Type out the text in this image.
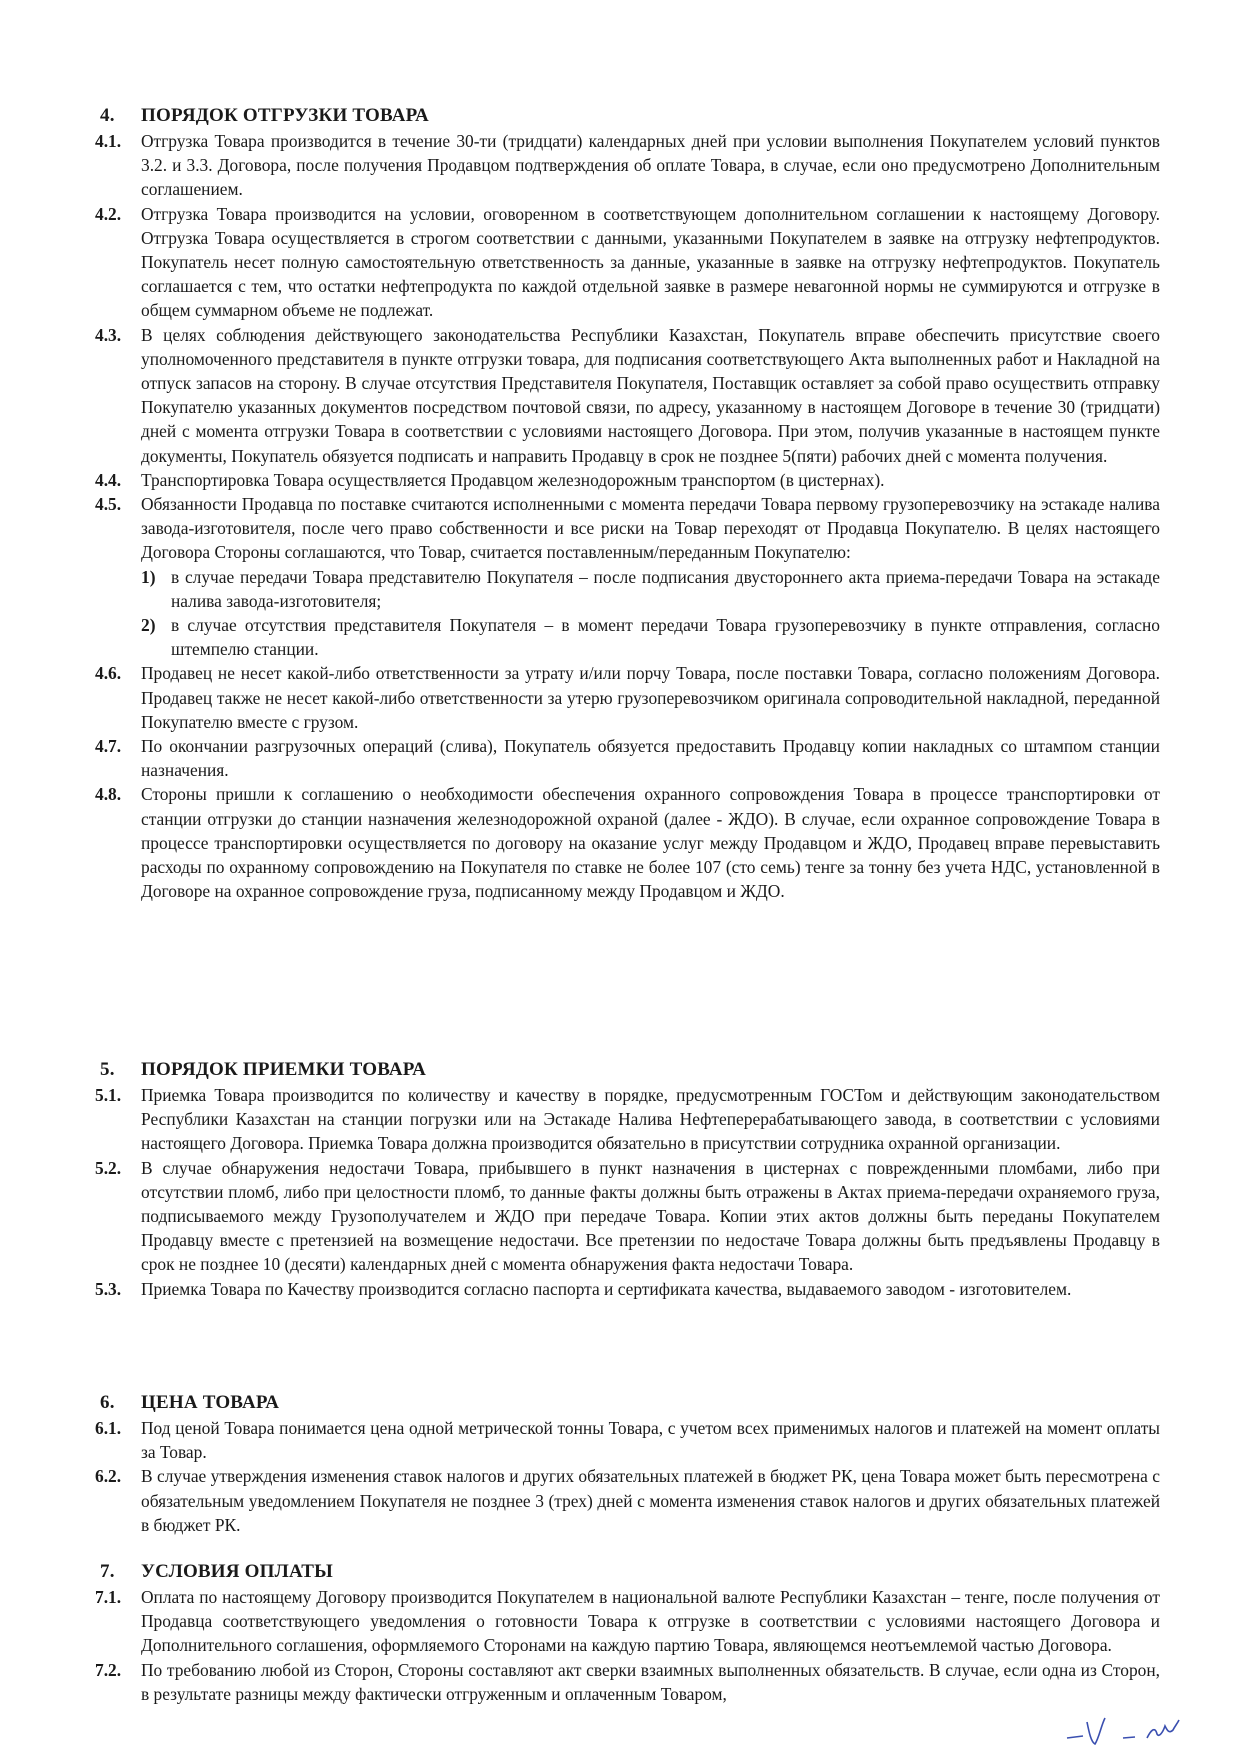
4.	ПОРЯДОК ОТГРУЗКИ ТОВАРА
4.1.	Отгрузка Товара производится в течение 30-ти (тридцати) календарных дней при условии выполнения Покупателем условий пунктов 3.2. и 3.3. Договора, после получения Продавцом подтверждения об оплате Товара, в случае, если оно предусмотрено Дополнительным соглашением.
4.2.	Отгрузка Товара производится на условии, оговоренном в соответствующем дополнительном соглашении к настоящему Договору. Отгрузка Товара осуществляется в строгом соответствии с данными, указанными Покупателем в заявке на отгрузку нефтепродуктов. Покупатель несет полную самостоятельную ответственность за данные, указанные в заявке на отгрузку нефтепродуктов. Покупатель соглашается с тем, что остатки нефтепродукта по каждой отдельной заявке в размере невагонной нормы не суммируются и отгрузке в общем суммарном объеме не подлежат.
4.3.	В целях соблюдения действующего законодательства Республики Казахстан, Покупатель вправе обеспечить присутствие своего уполномоченного представителя в пункте отгрузки товара, для подписания соответствующего Акта выполненных работ и Накладной на отпуск запасов на сторону. В случае отсутствия Представителя Покупателя, Поставщик оставляет за собой право осуществить отправку Покупателю указанных документов посредством почтовой связи, по адресу, указанному в настоящем Договоре в течение 30 (тридцати) дней с момента отгрузки Товара в соответствии с условиями настоящего Договора. При этом, получив указанные в настоящем пункте документы, Покупатель обязуется подписать и направить Продавцу в срок не позднее 5(пяти) рабочих дней с момента получения.
4.4.	Транспортировка Товара осуществляется Продавцом железнодорожным транспортом (в цистернах).
4.5.	Обязанности Продавца по поставке считаются исполненными с момента передачи Товара первому грузоперевозчику на эстакаде налива завода-изготовителя, после чего право собственности и все риски на Товар переходят от Продавца Покупателю. В целях настоящего Договора Стороны соглашаются, что Товар, считается поставленным/переданным Покупателю:
1) в случае передачи Товара представителю Покупателя – после подписания двустороннего акта приема-передачи Товара на эстакаде налива завода-изготовителя;
2) в случае отсутствия представителя Покупателя – в момент передачи Товара грузоперевозчику в пункте отправления, согласно штемпелю станции.
4.6.	Продавец не несет какой-либо ответственности за утрату и/или порчу Товара, после поставки Товара, согласно положениям Договора. Продавец также не несет какой-либо ответственности за утерю грузоперевозчиком оригинала сопроводительной накладной, переданной Покупателю вместе с грузом.
4.7.	По окончании разгрузочных операций (слива), Покупатель обязуется предоставить Продавцу копии накладных со штампом станции назначения.
4.8.	Стороны пришли к соглашению о необходимости обеспечения охранного сопровождения Товара в процессе транспортировки от станции отгрузки до станции назначения железнодорожной охраной (далее - ЖДО). В случае, если охранное сопровождение Товара в процессе транспортировки осуществляется по договору на оказание услуг между Продавцом и ЖДО, Продавец вправе перевыставить расходы по охранному сопровождению на Покупателя по ставке не более 107 (сто семь) тенге за тонну без учета НДС, установленной в Договоре на охранное сопровождение груза, подписанному между Продавцом и ЖДО.
5.	ПОРЯДОК ПРИЕМКИ ТОВАРА
5.1.	Приемка Товара производится по количеству и качеству в порядке, предусмотренным ГОСТом и действующим законодательством Республики Казахстан на станции погрузки или на Эстакаде Налива Нефтеперерабатывающего завода, в соответствии с условиями настоящего Договора. Приемка Товара должна производится обязательно в присутствии сотрудника охранной организации.
5.2.	В случае обнаружения недостачи Товара, прибывшего в пункт назначения в цистернах с поврежденными пломбами, либо при отсутствии пломб, либо при целостности пломб, то данные факты должны быть отражены в Актах приема-передачи охраняемого груза, подписываемого между Грузополучателем и ЖДО при передаче Товара. Копии этих актов должны быть переданы Покупателем Продавцу вместе с претензией на возмещение недостачи. Все претензии по недостаче Товара должны быть предъявлены Продавцу в срок не позднее 10 (десяти) календарных дней с момента обнаружения факта недостачи Товара.
5.3.	Приемка Товара по Качеству производится согласно паспорта и сертификата качества, выдаваемого заводом - изготовителем.
6.	ЦЕНА ТОВАРА
6.1.	Под ценой Товара понимается цена одной метрической тонны Товара, с учетом всех применимых налогов и платежей на момент оплаты за Товар.
6.2.	В случае утверждения изменения ставок налогов и других обязательных платежей в бюджет РК, цена Товара может быть пересмотрена с обязательным уведомлением Покупателя не позднее 3 (трех) дней с момента изменения ставок налогов и других обязательных платежей в бюджет РК.
7.	УСЛОВИЯ ОПЛАТЫ
7.1.	Оплата по настоящему Договору производится Покупателем в национальной валюте Республики Казахстан – тенге, после получения от Продавца соответствующего уведомления о готовности Товара к отгрузке в соответствии с условиями настоящего Договора и Дополнительного соглашения, оформляемого Сторонами на каждую партию Товара, являющемся неотъемлемой частью Договора.
7.2.	По требованию любой из Сторон, Стороны составляют акт сверки взаимных выполненных обязательств. В случае, если одна из Сторон, в результате разницы между фактически отгруженным и оплаченным Товаром,
